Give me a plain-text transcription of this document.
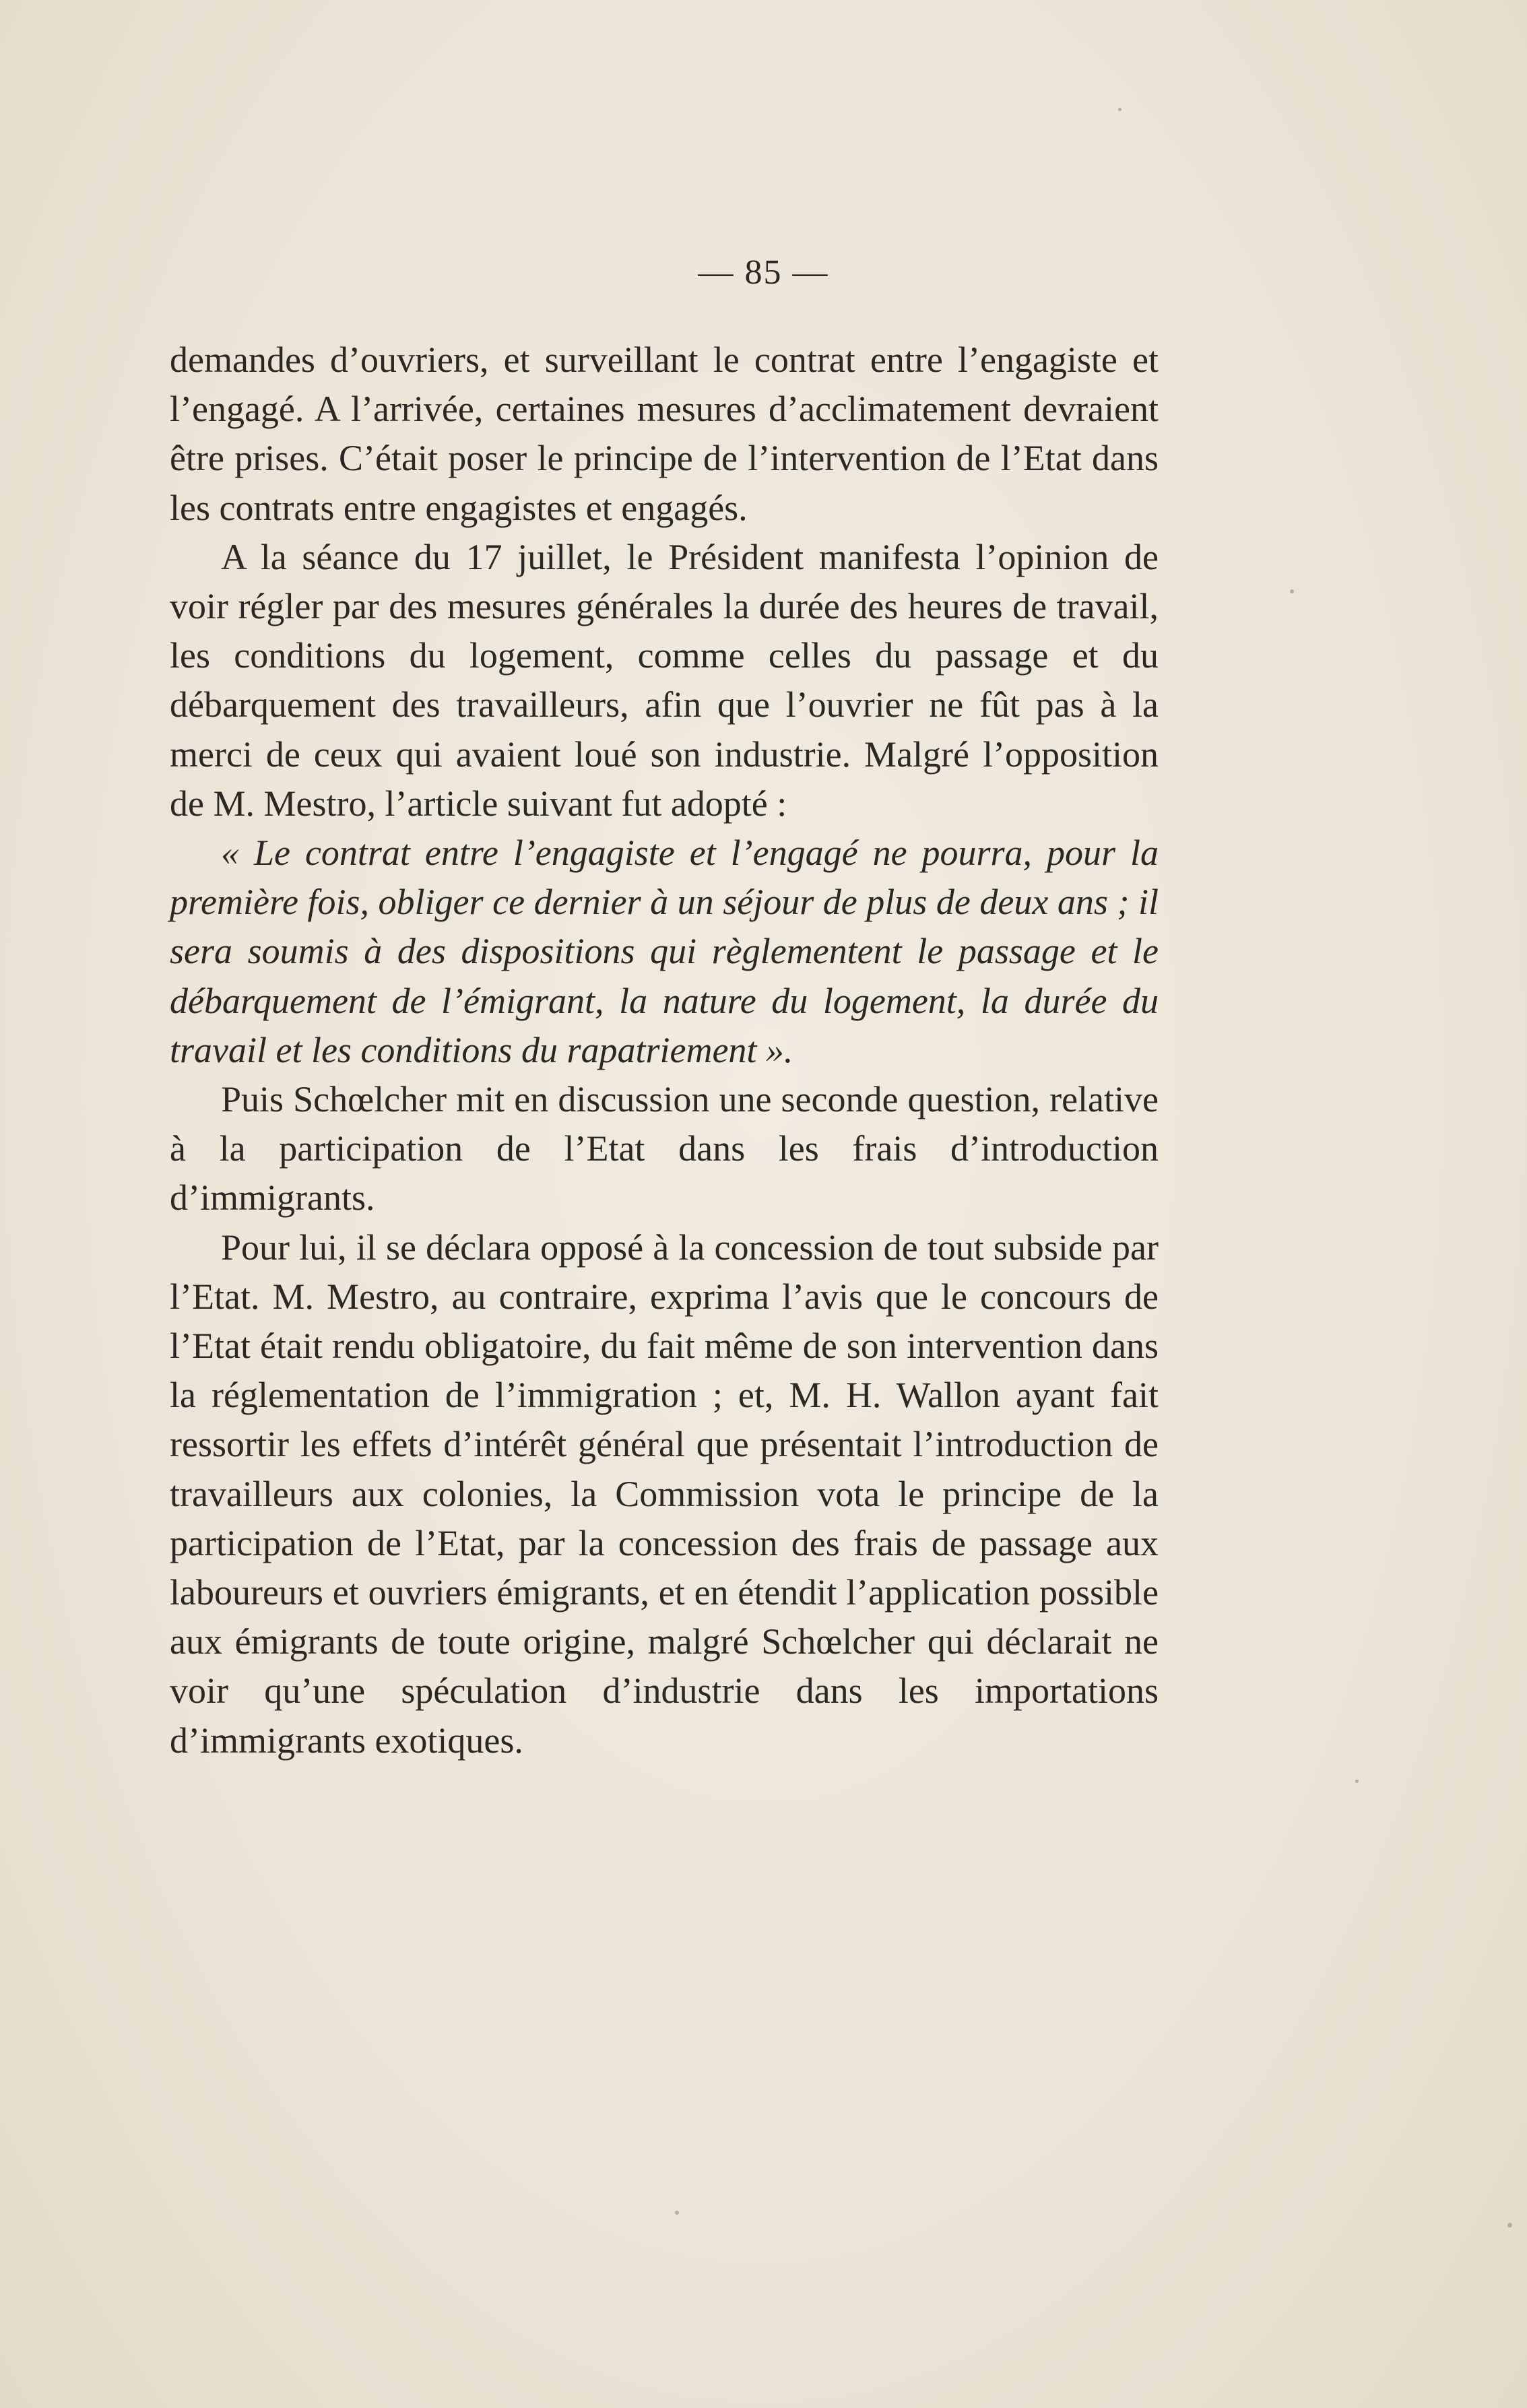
— 85 —

demandes d’ouvriers, et surveillant le contrat entre l’engagiste et l’engagé. A l’arrivée, certaines mesures d’acclimatement devraient être prises. C’était poser le principe de l’intervention de l’Etat dans les contrats entre engagistes et engagés.

A la séance du 17 juillet, le Président manifesta l’opinion de voir régler par des mesures générales la durée des heures de travail, les conditions du logement, comme celles du passage et du débarquement des travailleurs, afin que l’ouvrier ne fût pas à la merci de ceux qui avaient loué son industrie. Malgré l’opposition de M. Mestro, l’article suivant fut adopté :

« Le contrat entre l’engagiste et l’engagé ne pourra, pour la première fois, obliger ce dernier à un séjour de plus de deux ans ; il sera soumis à des dispositions qui règlementent le passage et le débarquement de l’émigrant, la nature du logement, la durée du travail et les conditions du rapatriement ».

Puis Schœlcher mit en discussion une seconde question, relative à la participation de l’Etat dans les frais d’introduction d’immigrants.

Pour lui, il se déclara opposé à la concession de tout subside par l’Etat. M. Mestro, au contraire, exprima l’avis que le concours de l’Etat était rendu obligatoire, du fait même de son intervention dans la réglementation de l’immigration ; et, M. H. Wallon ayant fait ressortir les effets d’intérêt général que présentait l’introduction de travailleurs aux colonies, la Commission vota le principe de la participation de l’Etat, par la concession des frais de passage aux laboureurs et ouvriers émigrants, et en étendit l’application possible aux émigrants de toute origine, malgré Schœlcher qui déclarait ne voir qu’une spéculation d’industrie dans les importations d’immigrants exotiques.
